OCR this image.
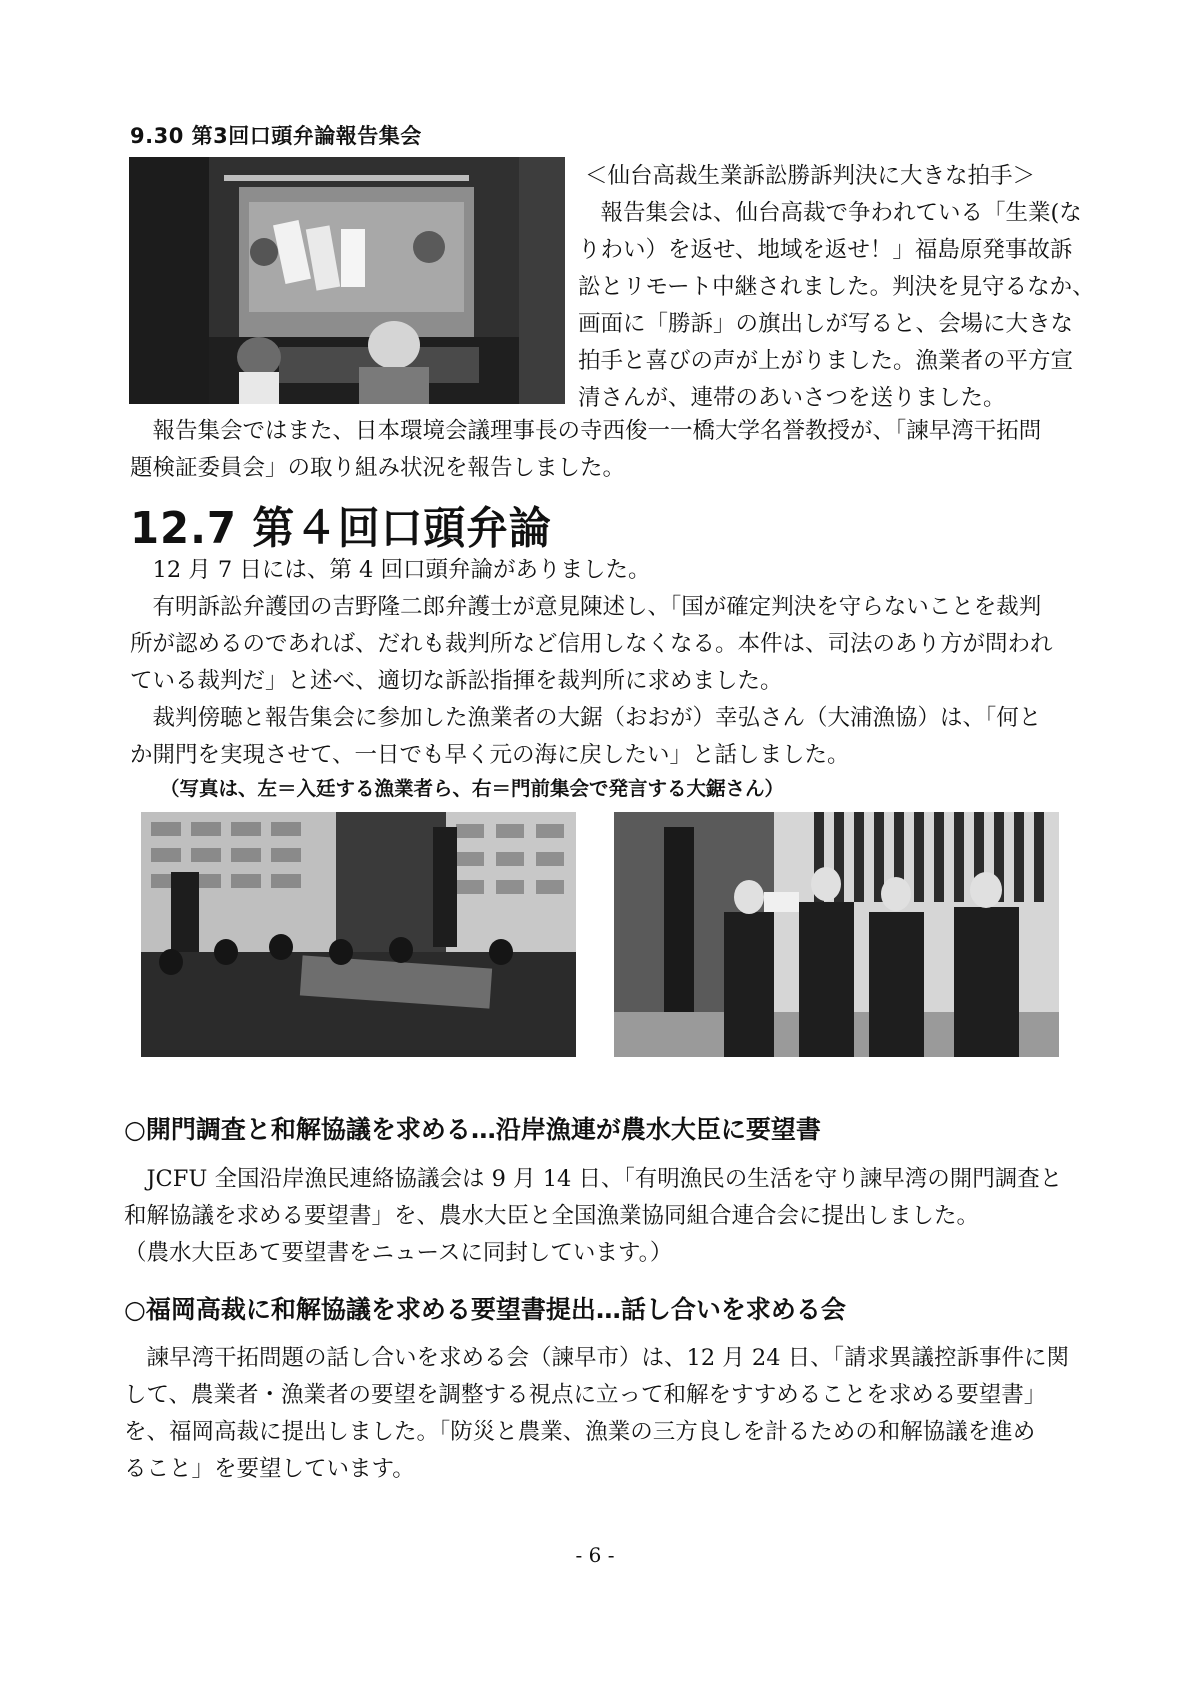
9.30 第3回口頭弁論報告集会
＜仙台高裁生業訴訟勝訴判決に大きな拍手＞

　報告集会は、仙台高裁で争われている「生業(な

りわい）を返せ、地域を返せ！」福島原発事故訴

訟とリモート中継されました。判決を見守るなか、

画面に「勝訴」の旗出しが写ると、会場に大きな

拍手と喜びの声が上がりました。漁業者の平方宣

清さんが、連帯のあいさつを送りました。

　報告集会ではまた、日本環境会議理事長の寺西俊一一橋大学名誉教授が、「諫早湾干拓問

題検証委員会」の取り組み状況を報告しました。

12.7 第４回口頭弁論

　12 月 7 日には、第 4 回口頭弁論がありました。

　有明訴訟弁護団の吉野隆二郎弁護士が意見陳述し、「国が確定判決を守らないことを裁判

所が認めるのであれば、だれも裁判所など信用しなくなる。本件は、司法のあり方が問われ

ている裁判だ」と述べ、適切な訴訟指揮を裁判所に求めました。

　裁判傍聴と報告集会に参加した漁業者の大鋸（おおが）幸弘さん（大浦漁協）は、「何と

か開門を実現させて、一日でも早く元の海に戻したい」と話しました。

（写真は、左＝入廷する漁業者ら、右＝門前集会で発言する大鋸さん）
○開門調査と和解協議を求める…沿岸漁連が農水大臣に要望書

　JCFU 全国沿岸漁民連絡協議会は 9 月 14 日、「有明漁民の生活を守り諫早湾の開門調査と

和解協議を求める要望書」を、農水大臣と全国漁業協同組合連合会に提出しました。

（農水大臣あて要望書をニュースに同封しています。）

○福岡高裁に和解協議を求める要望書提出…話し合いを求める会

　諫早湾干拓問題の話し合いを求める会（諫早市）は、12 月 24 日、「請求異議控訴事件に関

して、農業者・漁業者の要望を調整する視点に立って和解をすすめることを求める要望書」

を、福岡高裁に提出しました。「防災と農業、漁業の三方良しを計るための和解協議を進め

ること」を要望しています。

- 6 -
